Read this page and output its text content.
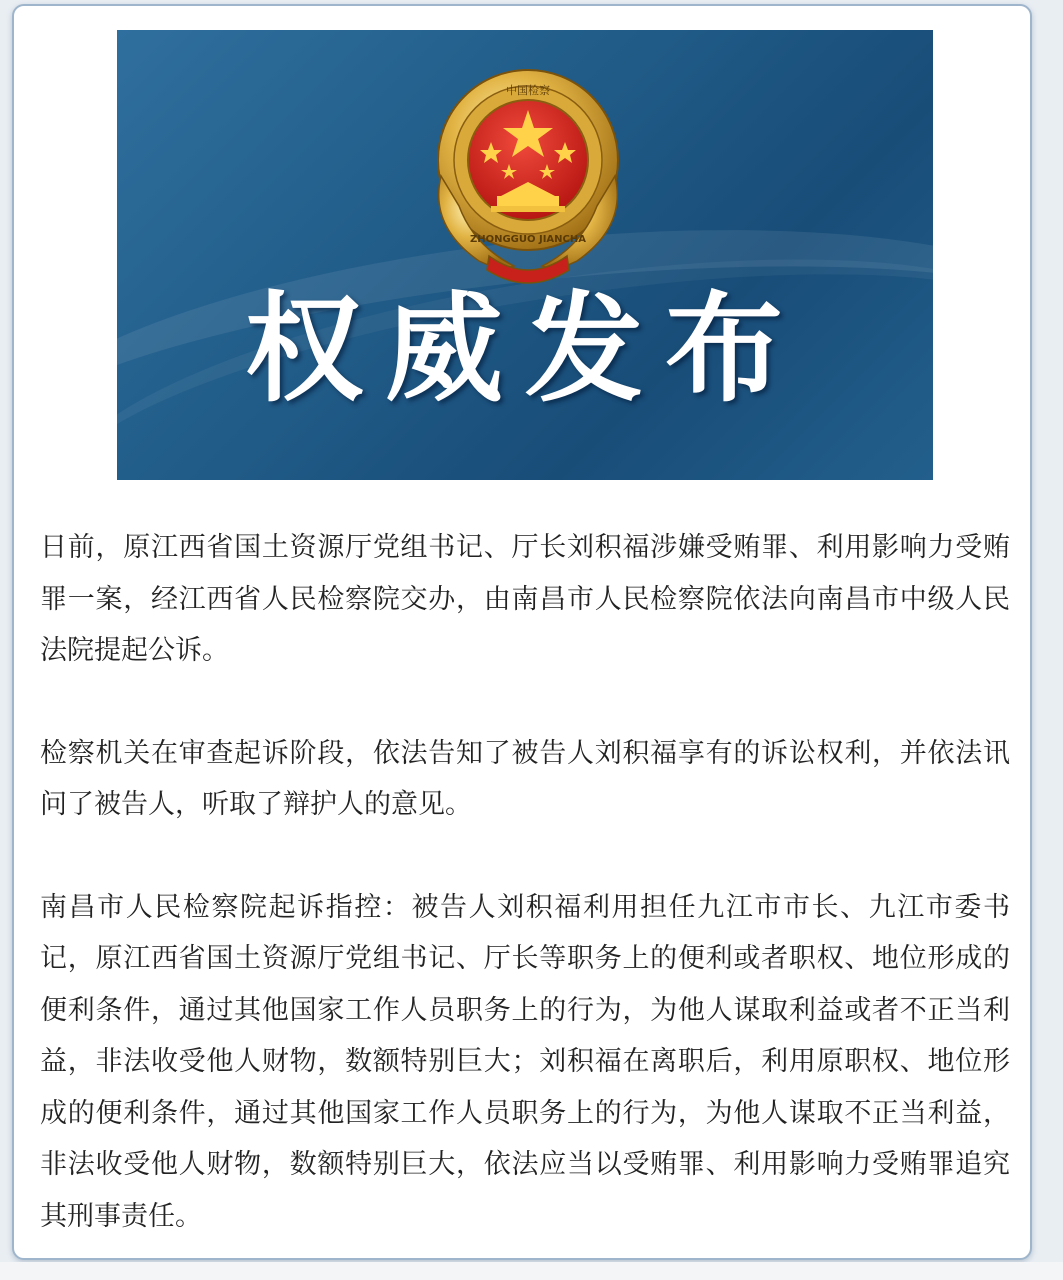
中国检察
ZHONGGUO JIANCHA
权威发布

日前，原江西省国土资源厅党组书记、厅长刘积福涉嫌受贿罪、利用影响力受贿罪一案，经江西省人民检察院交办，由南昌市人民检察院依法向南昌市中级人民法院提起公诉。

检察机关在审查起诉阶段，依法告知了被告人刘积福享有的诉讼权利，并依法讯问了被告人，听取了辩护人的意见。

南昌市人民检察院起诉指控：被告人刘积福利用担任九江市市长、九江市委书记，原江西省国土资源厅党组书记、厅长等职务上的便利或者职权、地位形成的便利条件，通过其他国家工作人员职务上的行为，为他人谋取利益或者不正当利益，非法收受他人财物，数额特别巨大；刘积福在离职后，利用原职权、地位形成的便利条件，通过其他国家工作人员职务上的行为，为他人谋取不正当利益，非法收受他人财物，数额特别巨大，依法应当以受贿罪、利用影响力受贿罪追究其刑事责任。
